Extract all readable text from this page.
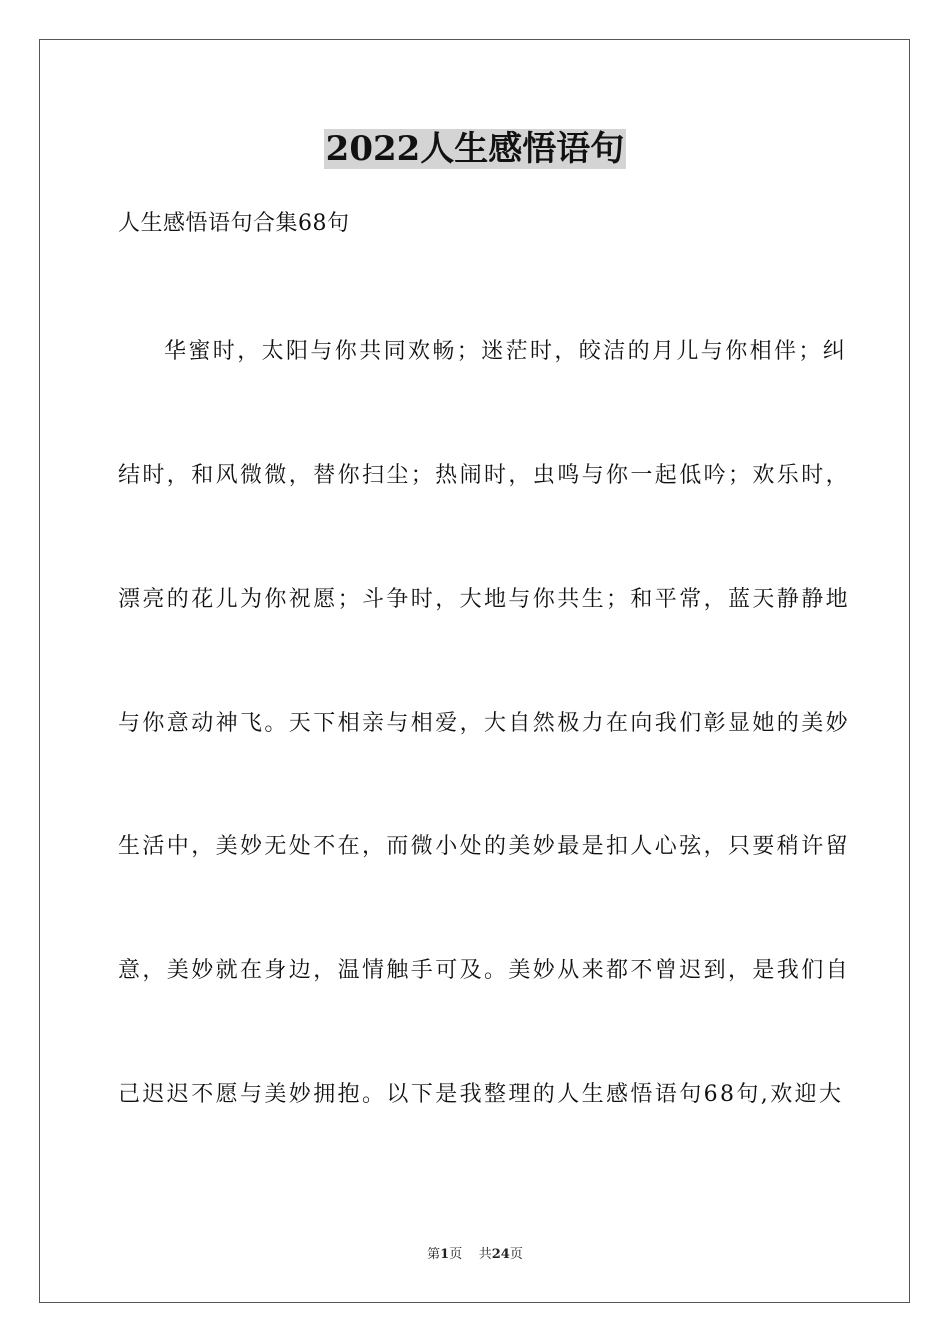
2022人生感悟语句
人生感悟语句合集68句
华蜜时，太阳与你共同欢畅；迷茫时，皎洁的月儿与你相伴；纠
结时，和风微微，替你扫尘；热闹时，虫鸣与你一起低吟；欢乐时，
漂亮的花儿为你祝愿；斗争时，大地与你共生；和平常，蓝天静静地
与你意动神飞。天下相亲与相爱，大自然极力在向我们彰显她的美妙
生活中，美妙无处不在，而微小处的美妙最是扣人心弦，只要稍许留
意，美妙就在身边，温情触手可及。美妙从来都不曾迟到，是我们自
己迟迟不愿与美妙拥抱。以下是我整理的人生感悟语句68句,欢迎大
第1页 共24页
